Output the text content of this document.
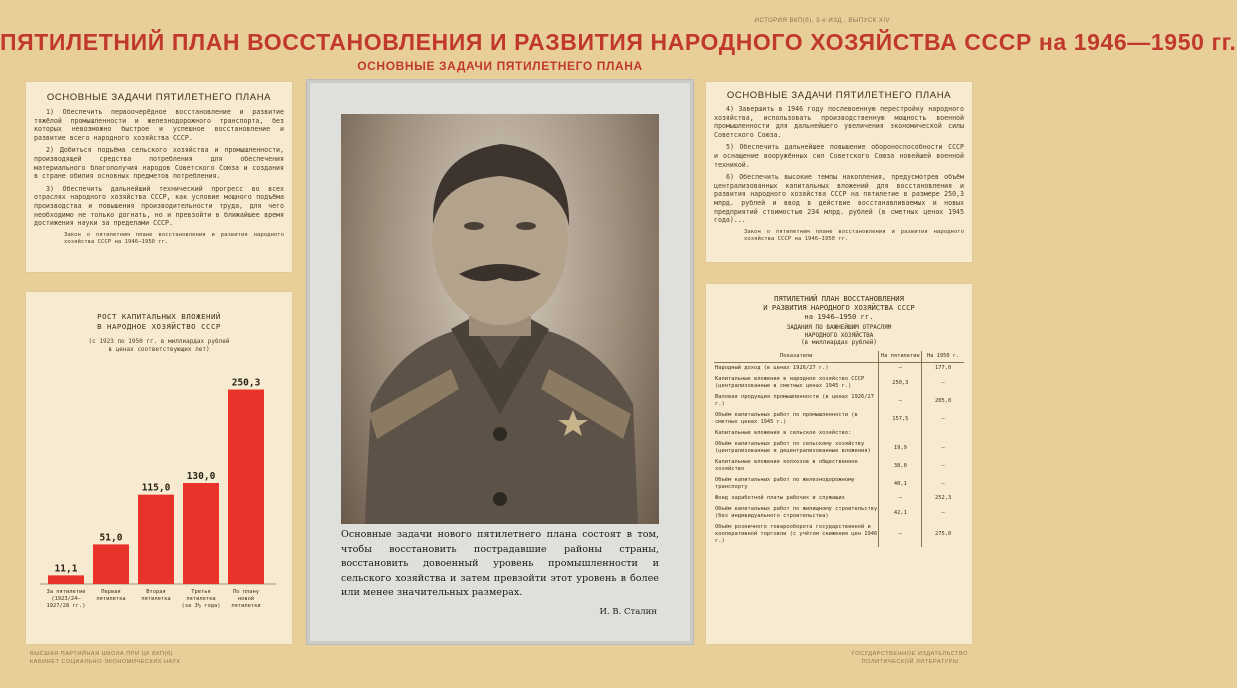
ИСТОРИЯ ВКП(б), 3-е ИЗД., ВЫПУСК XIV
ПЯТИЛЕТНИЙ ПЛАН ВОССТАНОВЛЕНИЯ И РАЗВИТИЯ НАРОДНОГО ХОЗЯЙСТВА СССР на 1946—1950 гг.
ОСНОВНЫЕ ЗАДАЧИ ПЯТИЛЕТНЕГО ПЛАНА
ОСНОВНЫЕ ЗАДАЧИ ПЯТИЛЕТНЕГО ПЛАНА

1) Обеспечить первоочерёдное восстановление и развитие тяжёлой промышленности и железнодорожного транспорта, без которых невозможно быстрое и успешное восстановление и развитие всего народного хозяйства СССР.

2) Добиться подъёма сельского хозяйства и промышленности, производящей средства потребления для обеспечения материального благополучия народов Советского Союза и создания в стране обилия основных предметов потребления.

3) Обеспечить дальнейший технический прогресс во всех отраслях народного хозяйства СССР, как условие мощного подъёма производства и повышения производительности труда, для чего необходимо не только догнать, но и превзойти в ближайшее время достижения науки за пределами СССР.

Закон о пятилетнем плане восстановления и развития народного хозяйства СССР на 1946—1950 гг.

РОСТ КАПИТАЛЬНЫХ ВЛОЖЕНИЙ
В НАРОДНОЕ ХОЗЯЙСТВО СССР
(с 1923 по 1950 гг. в миллиардах рублей
в ценах соответствующих лет)
11,1
За пятилетие
(1923/24—
1927/28 гг.)
51,0
Первая
пятилетка
115,0
Вторая
пятилетка
130,0
Третья
пятилетка
(за 3½ года)
250,3
По плану
новой
пятилетки
Основные задачи нового пятилетнего плана состоят в том, чтобы восстановить пострадавшие районы страны, восстановить довоенный уровень промышленности и сельского хозяйства и затем превзойти этот уровень в более или менее значительных размерах.
И. В. Сталин
ОСНОВНЫЕ ЗАДАЧИ ПЯТИЛЕТНЕГО ПЛАНА

4) Завершить в 1946 году послевоенную перестройку народного хозяйства, использовать производственную мощность военной промышленности для дальнейшего увеличения экономической силы Советского Союза.

5) Обеспечить дальнейшее повышение обороноспособности СССР и оснащение вооружённых сил Советского Союза новейшей военной техникой.

6) Обеспечить высокие темпы накопления, предусмотрев объём централизованных капитальных вложений для восстановления и развития народного хозяйства СССР на пятилетие в размере 250,3 млрд. рублей и ввод в действие восстанавливаемых и новых предприятий стоимостью 234 млрд. рублей (в сметных ценах 1945 года)...

Закон о пятилетнем плане восстановления и развития народного хозяйства СССР на 1946—1950 гг.

ПЯТИЛЕТНИЙ ПЛАН ВОССТАНОВЛЕНИЯ
И РАЗВИТИЯ НАРОДНОГО ХОЗЯЙСТВА СССР
на 1946—1950 гг.
ЗАДАНИЯ ПО ВАЖНЕЙШИМ ОТРАСЛЯМ
НАРОДНОГО ХОЗЯЙСТВА
(в миллиардах рублей)
Показатели	На пятилетие	На 1950 г.
Народный доход (в ценах 1926/27 г.)	—	177,0
Капитальные вложения в народное хозяйство СССР (централизованные в сметных ценах 1945 г.)	250,3	—
Валовая продукция промышленности (в ценах 1926/27 г.)	—	205,0
Объём капитальных работ по промышленности (в сметных ценах 1945 г.)	157,5	—
Капитальные вложения в сельское хозяйство:		
Объём капитальных работ по сельскому хозяйству (централизованные и децентрализованные вложения)	19,9	—
Капитальные вложения колхозов в общественное хозяйство	38,0	—
Объём капитальных работ по железнодорожному транспорту	40,1	—
Фонд заработной платы рабочих и служащих	—	252,3
Объём капитальных работ по жилищному строительству (без индивидуального строительства)	42,1	—
Объём розничного товарооборота государственной и кооперативной торговли (с учётом снижения цен 1946 г.)	—	275,0
ВЫСШАЯ ПАРТИЙНАЯ ШКОЛА ПРИ ЦК ВКП(б)
КАБИНЕТ СОЦИАЛЬНО-ЭКОНОМИЧЕСКИХ НАУК
ГОСУДАРСТВЕННОЕ ИЗДАТЕЛЬСТВО
ПОЛИТИЧЕСКОЙ ЛИТЕРАТУРЫ
